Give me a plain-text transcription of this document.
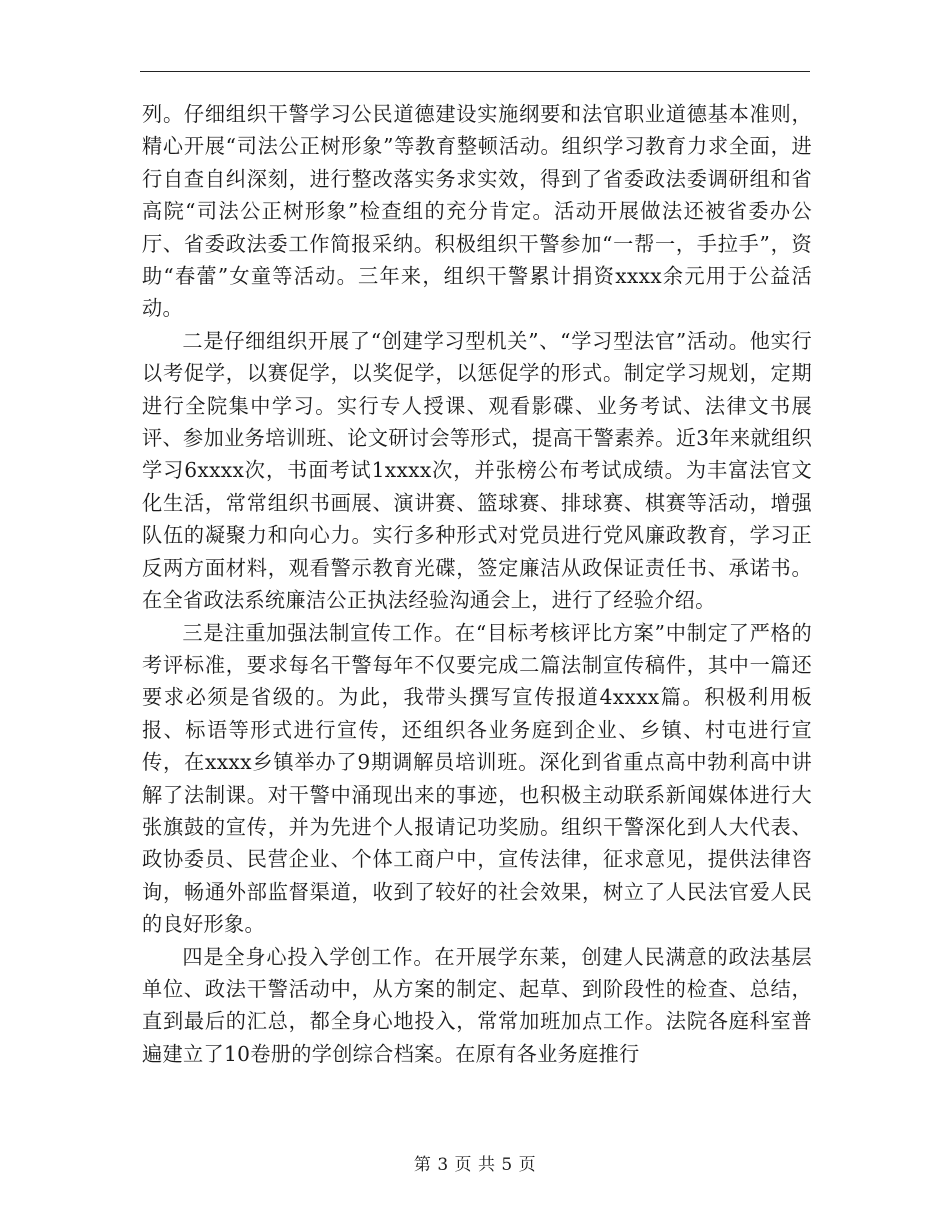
列。仔细组织干警学习公民道德建设实施纲要和法官职业道德基本准则，精心开展“司法公正树形象”等教育整顿活动。组织学习教育力求全面，进行自查自纠深刻，进行整改落实务求实效，得到了省委政法委调研组和省高院“司法公正树形象”检查组的充分肯定。活动开展做法还被省委办公厅、省委政法委工作简报采纳。积极组织干警参加“一帮一，手拉手”，资助“春蕾”女童等活动。三年来，组织干警累计捐资xxxx余元用于公益活动。

二是仔细组织开展了“创建学习型机关”、“学习型法官”活动。他实行以考促学，以赛促学，以奖促学，以惩促学的形式。制定学习规划，定期进行全院集中学习。实行专人授课、观看影碟、业务考试、法律文书展评、参加业务培训班、论文研讨会等形式，提高干警素养。近3年来就组织学习6xxxx次，书面考试1xxxx次，并张榜公布考试成绩。为丰富法官文化生活，常常组织书画展、演讲赛、篮球赛、排球赛、棋赛等活动，增强队伍的凝聚力和向心力。实行多种形式对党员进行党风廉政教育，学习正反两方面材料，观看警示教育光碟，签定廉洁从政保证责任书、承诺书。在全省政法系统廉洁公正执法经验沟通会上，进行了经验介绍。

三是注重加强法制宣传工作。在“目标考核评比方案”中制定了严格的考评标准，要求每名干警每年不仅要完成二篇法制宣传稿件，其中一篇还要求必须是省级的。为此，我带头撰写宣传报道4xxxx篇。积极利用板报、标语等形式进行宣传，还组织各业务庭到企业、乡镇、村屯进行宣传，在xxxx乡镇举办了9期调解员培训班。深化到省重点高中勃利高中讲解了法制课。对干警中涌现出来的事迹，也积极主动联系新闻媒体进行大张旗鼓的宣传，并为先进个人报请记功奖励。组织干警深化到人大代表、政协委员、民营企业、个体工商户中，宣传法律，征求意见，提供法律咨询，畅通外部监督渠道，收到了较好的社会效果，树立了人民法官爱人民的良好形象。

四是全身心投入学创工作。在开展学东莱，创建人民满意的政法基层单位、政法干警活动中，从方案的制定、起草、到阶段性的检查、总结，直到最后的汇总，都全身心地投入，常常加班加点工作。法院各庭科室普遍建立了10卷册的学创综合档案。在原有各业务庭推行

第 3 页 共 5 页
